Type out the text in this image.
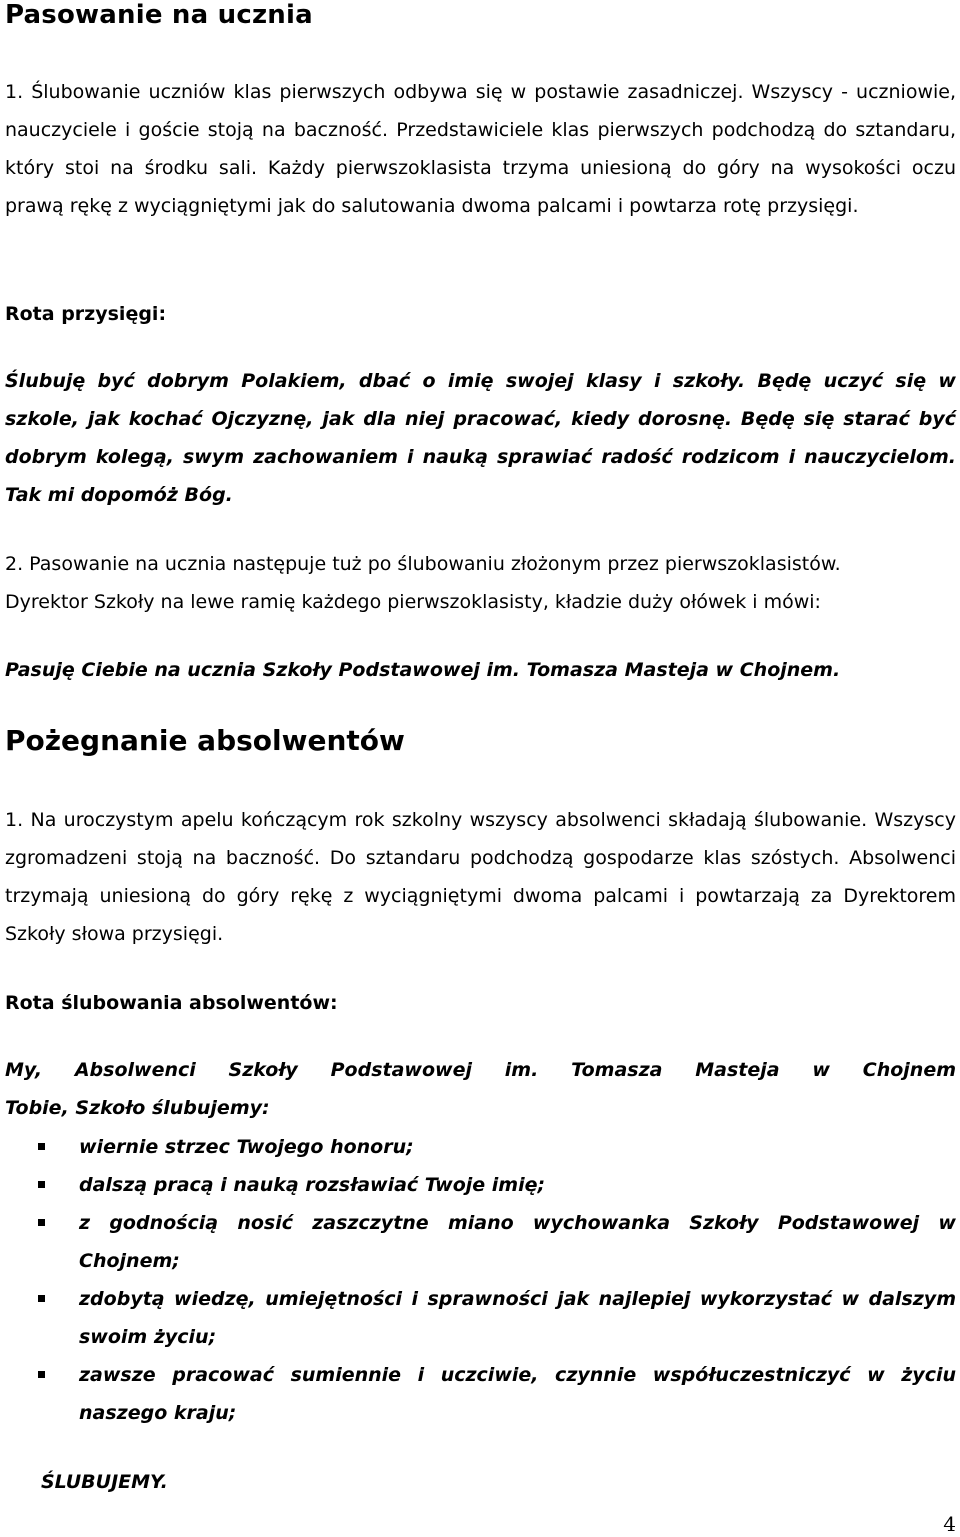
Pasowanie na ucznia

1. Ślubowanie uczniów klas pierwszych odbywa się w postawie zasadniczej. Wszyscy - uczniowie, nauczyciele i goście stoją na baczność. Przedstawiciele klas pierwszych podchodzą do sztandaru, który stoi na środku sali. Każdy pierwszoklasista trzyma uniesioną do góry na wysokości oczu prawą rękę z wyciągniętymi jak do salutowania dwoma palcami i powtarza rotę przysięgi.

Rota przysięgi:

Ślubuję być dobrym Polakiem, dbać o imię swojej klasy i szkoły. Będę uczyć się w szkole, jak kochać Ojczyznę, jak dla niej pracować, kiedy dorosnę. Będę się starać być dobrym kolegą, swym zachowaniem i nauką sprawiać radość rodzicom i nauczycielom. Tak mi dopomóż Bóg.

2. Pasowanie na ucznia następuje tuż po ślubowaniu złożonym przez pierwszoklasistów.

Dyrektor Szkoły na lewe ramię każdego pierwszoklasisty, kładzie duży ołówek i mówi:

Pasuję Ciebie na ucznia Szkoły Podstawowej im. Tomasza Masteja w Chojnem.

Pożegnanie absolwentów

1. Na uroczystym apelu kończącym rok szkolny wszyscy absolwenci składają ślubowanie. Wszyscy zgromadzeni stoją na baczność. Do sztandaru podchodzą gospodarze klas szóstych. Absolwenci trzymają uniesioną do góry rękę z wyciągniętymi dwoma palcami i powtarzają za Dyrektorem Szkoły słowa przysięgi.

Rota ślubowania absolwentów:

My, Absolwenci Szkoły Podstawowej im. Tomasza Masteja w Chojnem

Tobie, Szkoło ślubujemy:

wiernie strzec Twojego honoru;
dalszą pracą i nauką rozsławiać Twoje imię;
z godnością nosić zaszczytne miano wychowanka Szkoły Podstawowej w Chojnem;
zdobytą wiedzę, umiejętności i sprawności jak najlepiej wykorzystać w dalszym swoim życiu;
zawsze pracować sumiennie i uczciwie, czynnie współuczestniczyć w życiu naszego kraju;

ŚLUBUJEMY.

4
